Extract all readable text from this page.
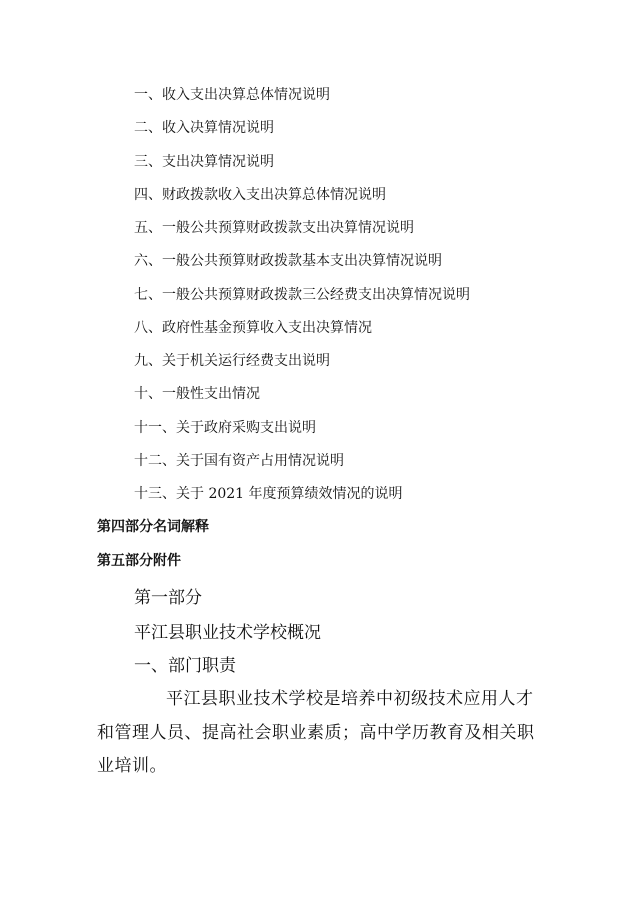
一、收入支出决算总体情况说明
二、收入决算情况说明
三、支出决算情况说明
四、财政拨款收入支出决算总体情况说明
五、一般公共预算财政拨款支出决算情况说明
六、一般公共预算财政拨款基本支出决算情况说明
七、一般公共预算财政拨款三公经费支出决算情况说明
八、政府性基金预算收入支出决算情况
九、关于机关运行经费支出说明
十、一般性支出情况
十一、关于政府采购支出说明
十二、关于国有资产占用情况说明
十三、关于 2021 年度预算绩效情况的说明
第四部分名词解释
第五部分附件
第一部分
平江县职业技术学校概况
一、部门职责

平江县职业技术学校是培养中初级技术应用人才和管理人员、提高社会职业素质；高中学历教育及相关职业培训。
